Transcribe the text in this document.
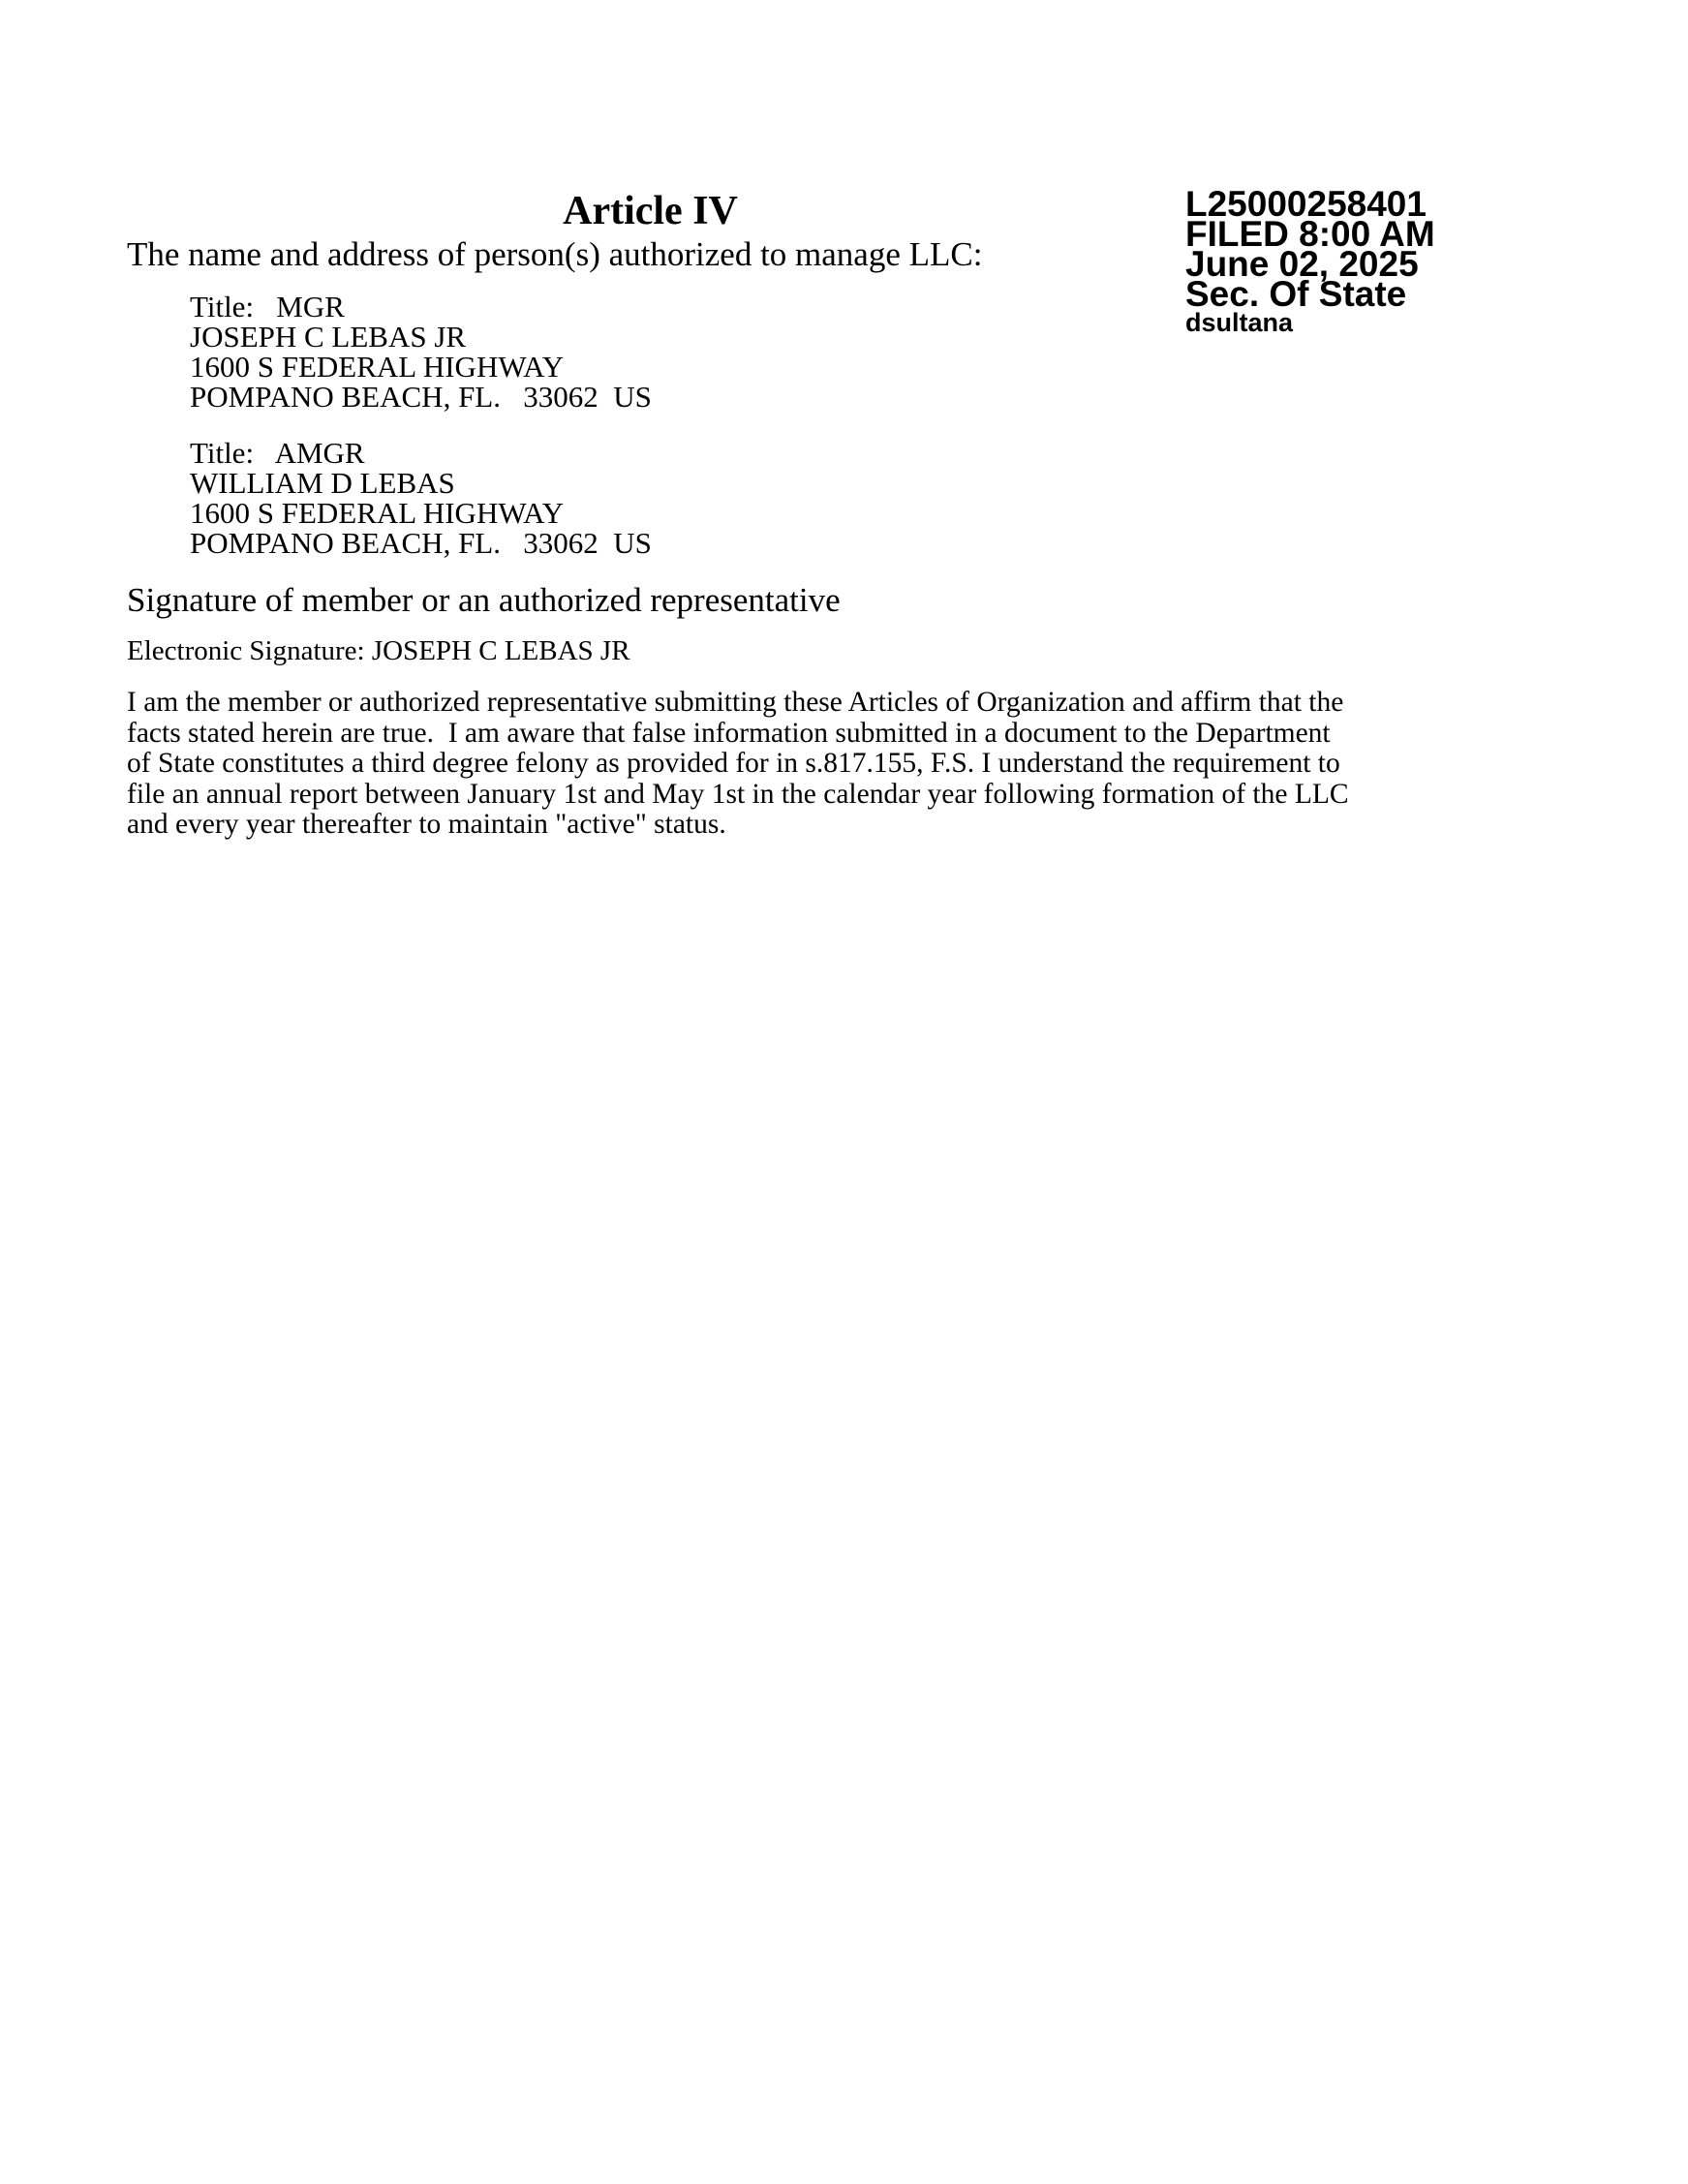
Article IV

The name and address of person(s) authorized to manage LLC:

Title:   MGR
JOSEPH C LEBAS JR
1600 S FEDERAL HIGHWAY
POMPANO BEACH, FL.   33062  US
Title:   AMGR
WILLIAM D LEBAS
1600 S FEDERAL HIGHWAY
POMPANO BEACH, FL.   33062  US

Signature of member or an authorized representative

Electronic Signature: JOSEPH C LEBAS JR
I am the member or authorized representative submitting these Articles of Organization and affirm that the
facts stated herein are true.  I am aware that false information submitted in a document to the Department
of State constitutes a third degree felony as provided for in s.817.155, F.S. I understand the requirement to
file an annual report between January 1st and May 1st in the calendar year following formation of the LLC
and every year thereafter to maintain "active" status.
L25000258401
FILED 8:00 AM
June 02, 2025
Sec. Of State
dsultana
